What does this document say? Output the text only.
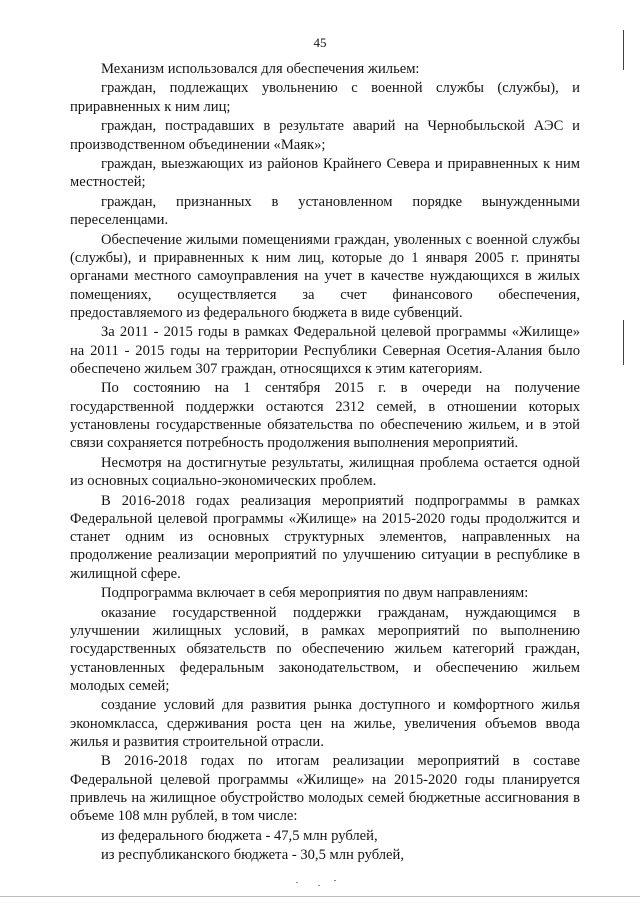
45

Механизм использовался для обеспечения жильем:

граждан, подлежащих увольнению с военной службы (службы), и приравненных к ним лиц;

граждан, пострадавших в результате аварий на Чернобыльской АЭС и производственном объединении «Маяк»;

граждан, выезжающих из районов Крайнего Севера и приравненных к ним местностей;

граждан, признанных в установленном порядке вынужденными переселенцами.

Обеспечение жилыми помещениями граждан, уволенных с военной службы (службы), и приравненных к ним лиц, которые до 1 января 2005 г. приняты органами местного самоуправления на учет в качестве нуждающихся в жилых помещениях, осуществляется за счет финансового обеспечения, предоставляемого из федерального бюджета в виде субвенций.

За 2011 - 2015 годы в рамках Федеральной целевой программы «Жилище» на 2011 - 2015 годы на территории Республики Северная Осетия-Алания было обеспечено жильем 307 граждан, относящихся к этим категориям.

По состоянию на 1 сентября 2015 г. в очереди на получение государственной поддержки остаются 2312 семей, в отношении которых установлены государственные обязательства по обеспечению жильем, и в этой связи сохраняется потребность продолжения выполнения мероприятий.

Несмотря на достигнутые результаты, жилищная проблема остается одной из основных социально-экономических проблем.

В 2016-2018 годах реализация мероприятий подпрограммы в рамках Федеральной целевой программы «Жилище» на 2015-2020 годы продолжится и станет одним из основных структурных элементов, направленных на продолжение реализации мероприятий по улучшению ситуации в республике в жилищной сфере.

Подпрограмма включает в себя мероприятия по двум направлениям:

оказание государственной поддержки гражданам, нуждающимся в улучшении жилищных условий, в рамках мероприятий по выполнению государственных обязательств по обеспечению жильем категорий граждан, установленных федеральным законодательством, и обеспечению жильем молодых семей;

создание условий для развития рынка доступного и комфортного жилья экономкласса, сдерживания роста цен на жилье, увеличения объемов ввода жилья и развития строительной отрасли.

В 2016-2018 годах по итогам реализации мероприятий в составе Федеральной целевой программы «Жилище» на 2015-2020 годы планируется привлечь на жилищное обустройство молодых семей бюджетные ассигнования в объеме 108 млн рублей, в том числе:

из федерального бюджета - 47,5 млн рублей,

из республиканского бюджета - 30,5 млн рублей,
